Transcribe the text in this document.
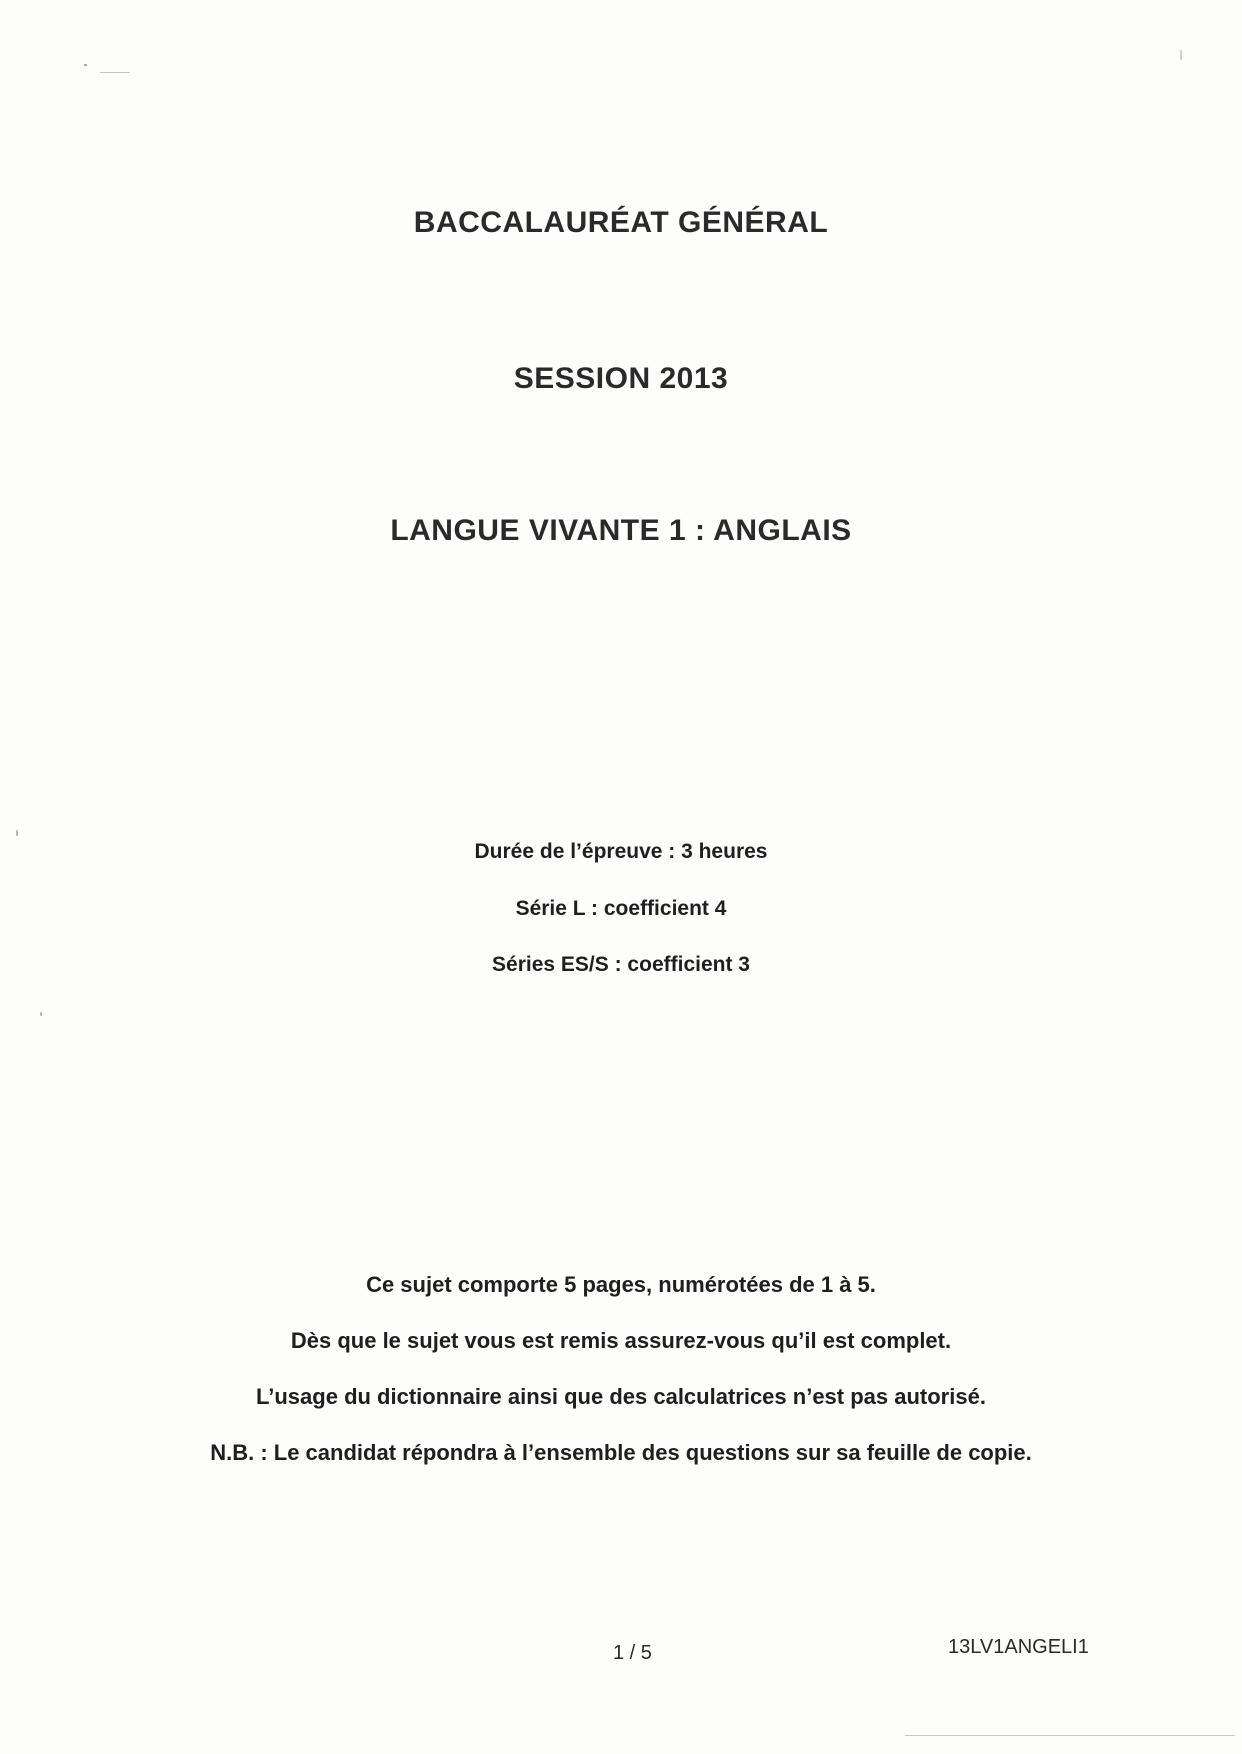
BACCALAURÉAT GÉNÉRAL
SESSION 2013
LANGUE VIVANTE 1 : ANGLAIS
Durée de l’épreuve : 3 heures
Série L : coefficient 4
Séries ES/S : coefficient 3
Ce sujet comporte 5 pages, numérotées de 1 à 5.
Dès que le sujet vous est remis assurez-vous qu’il est complet.
L’usage du dictionnaire ainsi que des calculatrices n’est pas autorisé.
N.B. : Le candidat répondra à l’ensemble des questions sur sa feuille de copie.
1 / 5	13LV1ANGELI1
